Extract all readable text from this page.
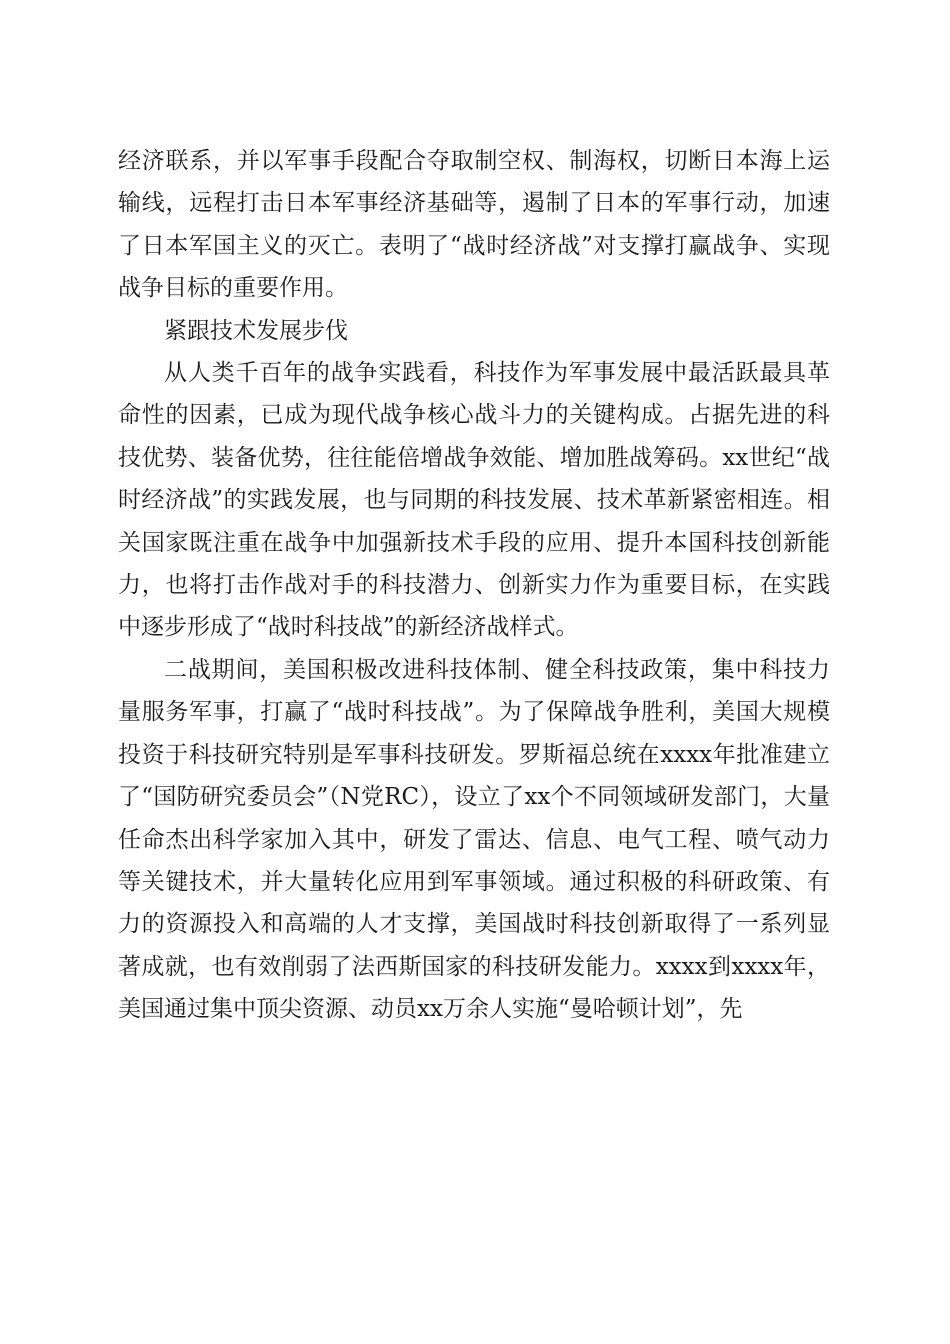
经济联系，并以军事手段配合夺取制空权、制海权，切断日本海上运输线，远程打击日本军事经济基础等，遏制了日本的军事行动，加速了日本军国主义的灭亡。表明了“战时经济战”对支撑打赢战争、实现战争目标的重要作用。

紧跟技术发展步伐

从人类千百年的战争实践看，科技作为军事发展中最活跃最具革命性的因素，已成为现代战争核心战斗力的关键构成。占据先进的科技优势、装备优势，往往能倍增战争效能、增加胜战筹码。xx世纪“战时经济战”的实践发展，也与同期的科技发展、技术革新紧密相连。相关国家既注重在战争中加强新技术手段的应用、提升本国科技创新能力，也将打击作战对手的科技潜力、创新实力作为重要目标，在实践中逐步形成了“战时科技战”的新经济战样式。

二战期间，美国积极改进科技体制、健全科技政策，集中科技力量服务军事，打赢了“战时科技战”。为了保障战争胜利，美国大规模投资于科技研究特别是军事科技研发。罗斯福总统在xxxx年批准建立了“国防研究委员会”（N党RC），设立了xx个不同领域研发部门，大量任命杰出科学家加入其中，研发了雷达、信息、电气工程、喷气动力等关键技术，并大量转化应用到军事领域。通过积极的科研政策、有力的资源投入和高端的人才支撑，美国战时科技创新取得了一系列显著成就，也有效削弱了法西斯国家的科技研发能力。xxxx到xxxx年，美国通过集中顶尖资源、动员xx万余人实施“曼哈顿计划”，先
